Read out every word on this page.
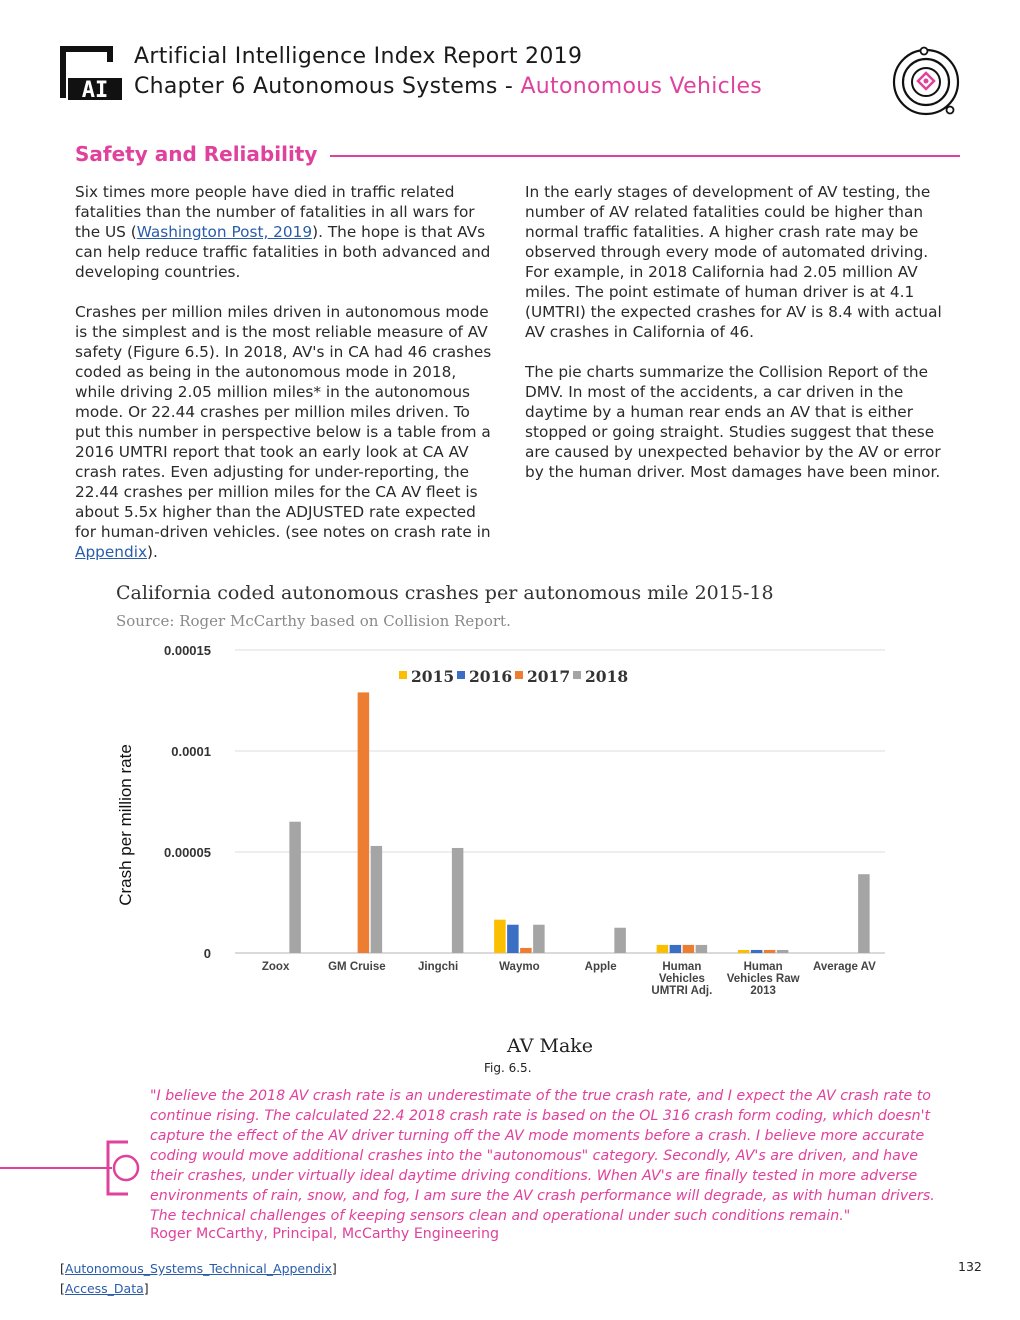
AI
Artificial Intelligence Index Report 2019
Chapter 6 Autonomous Systems - Autonomous Vehicles
Safety and Reliability

Six times more people have died in traffic related fatalities than the number of fatalities in all wars for the US (Washington Post, 2019). The hope is that AVs can help reduce traffic fatalities in both advanced and developing countries.

Crashes per million miles driven in autonomous mode is the simplest and is the most reliable measure of AV safety (Figure 6.5). In 2018, AV's in CA had 46 crashes coded as being in the autonomous mode in 2018, while driving 2.05 million miles* in the autonomous mode. Or 22.44 crashes per million miles driven. To put this number in perspective below is a table from a 2016 UMTRI report that took an early look at CA AV crash rates. Even adjusting for under-reporting, the 22.44 crashes per million miles for the CA AV fleet is about 5.5x higher than the ADJUSTED rate expected for human-driven vehicles. (see notes on crash rate in Appendix).

In the early stages of development of AV testing, the number of AV related fatalities could be higher than normal traffic fatalities. A higher crash rate may be observed through every mode of automated driving. For example, in 2018 California had 2.05 million AV miles. The point estimate of human driver is at 4.1 (UMTRI) the expected crashes for AV is 8.4 with actual AV crashes in California of 46.

The pie charts summarize the Collision Report of the DMV. In most of the accidents, a car driven in the daytime by a human rear ends an AV that is either stopped or going straight. Studies suggest that these are caused by unexpected behavior by the AV or error by the human driver. Most damages have been minor.

California coded autonomous crashes per autonomous mile 2015-18
Source: Roger McCarthy based on Collision Report.
0
0.00005
0.0001
0.00015
Zoox	GM Cruise	Jingchi	Waymo	Apple	Human
Vehicles
UMTRI Adj.
Human
Vehicles Raw
2013
Average AV
2015 2016 2017 2018
Crash per million rate
AV Make
Fig. 6.5.
"I believe the 2018 AV crash rate is an underestimate of the true crash rate, and I expect the AV crash rate to continue rising. The calculated 22.4 2018 crash rate is based on the OL 316 crash form coding, which doesn't capture the effect of the AV driver turning off the AV mode moments before a crash. I believe more accurate coding would move additional crashes into the "autonomous" category. Secondly, AV's are driven, and have their crashes, under virtually ideal daytime driving conditions. When AV's are finally tested in more adverse environments of rain, snow, and fog, I am sure the AV crash performance will degrade, as with human drivers. The technical challenges of keeping sensors clean and operational under such conditions remain."
Roger McCarthy, Principal, McCarthy Engineering
[Autonomous_Systems_Technical_Appendix]
[Access_Data]
132
